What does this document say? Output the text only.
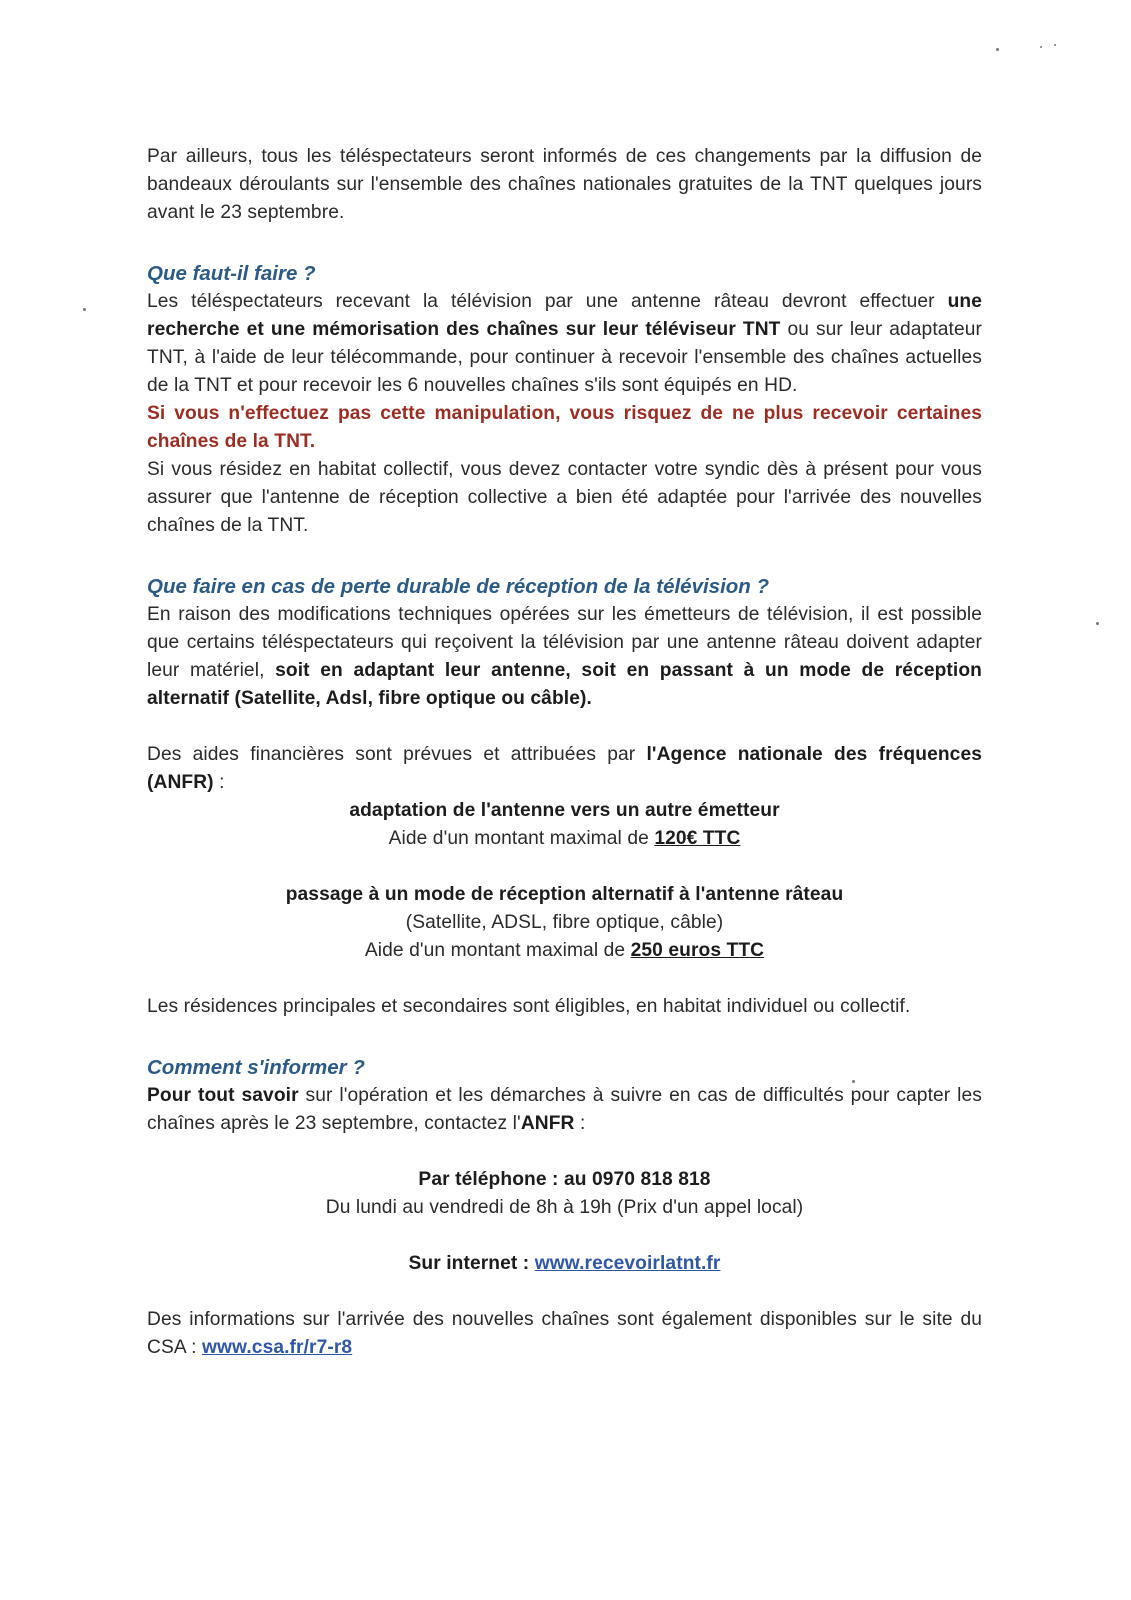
Par ailleurs, tous les téléspectateurs seront informés de ces changements par la diffusion de bandeaux déroulants sur l'ensemble des chaînes nationales gratuites de la TNT quelques jours avant le 23 septembre.

Que faut-il faire ?

Les téléspectateurs recevant la télévision par une antenne râteau devront effectuer une recherche et une mémorisation des chaînes sur leur téléviseur TNT ou sur leur adaptateur TNT, à l'aide de leur télécommande, pour continuer à recevoir l'ensemble des chaînes actuelles de la TNT et pour recevoir les 6 nouvelles chaînes s'ils sont équipés en HD.

Si vous n'effectuez pas cette manipulation, vous risquez de ne plus recevoir certaines chaînes de la TNT.

Si vous résidez en habitat collectif, vous devez contacter votre syndic dès à présent pour vous assurer que l'antenne de réception collective a bien été adaptée pour l'arrivée des nouvelles chaînes de la TNT.

Que faire en cas de perte durable de réception de la télévision ?

En raison des modifications techniques opérées sur les émetteurs de télévision, il est possible que certains téléspectateurs qui reçoivent la télévision par une antenne râteau doivent adapter leur matériel, soit en adaptant leur antenne, soit en passant à un mode de réception alternatif (Satellite, Adsl, fibre optique ou câble).

Des aides financières sont prévues et attribuées par l'Agence nationale des fréquences (ANFR) :

adaptation de l'antenne vers un autre émetteur

Aide d'un montant maximal de 120€ TTC

passage à un mode de réception alternatif à l'antenne râteau

(Satellite, ADSL, fibre optique, câble)

Aide d'un montant maximal de 250 euros TTC

Les résidences principales et secondaires sont éligibles, en habitat individuel ou collectif.

Comment s'informer ?

Pour tout savoir sur l'opération et les démarches à suivre en cas de difficultés pour capter les chaînes après le 23 septembre, contactez l'ANFR :

Par téléphone : au 0970 818 818

Du lundi au vendredi de 8h à 19h (Prix d'un appel local)

Sur internet : www.recevoirlatnt.fr

Des informations sur l'arrivée des nouvelles chaînes sont également disponibles sur le site du CSA : www.csa.fr/r7-r8
